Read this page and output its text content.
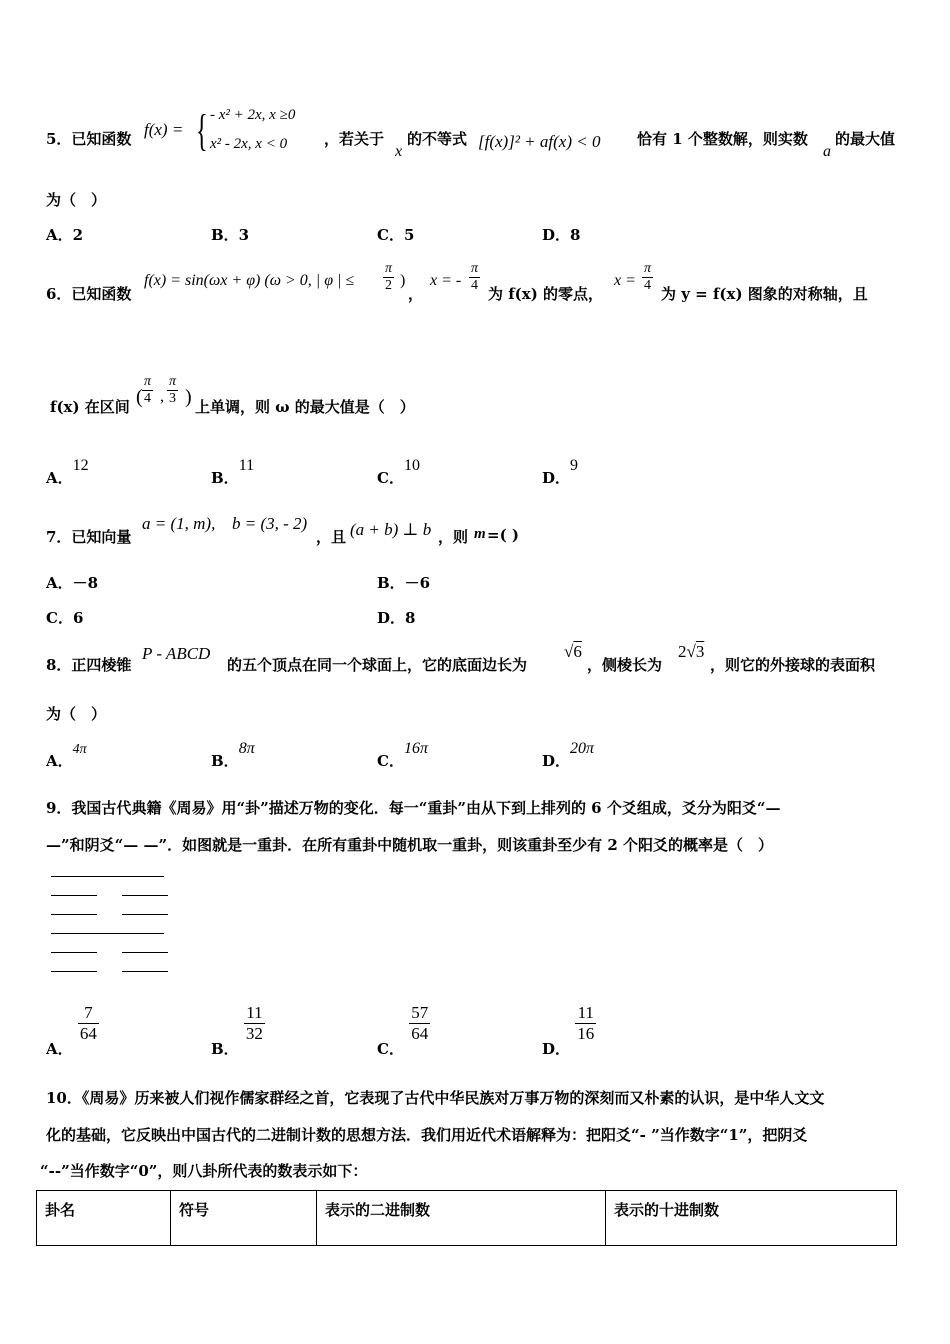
5．已知函数 f(x) = { - x² + 2x, x ≥0
x² - 2x, x < 0 ，若关于
x
的不等式 [f(x)]² + af(x) < 0 恰有 1 个整数解，则实数
a
的最大值
为（　）
A．2	B．3	C．5	D．8
6．已知函数
f(x) = sin(ωx + φ) (ω > 0, | φ | ≤ $\frac{\pi}{2}$ )
，
x = - $\frac{\pi}{4}$ 为 f(x) 的零点，
$x = \frac{\pi}{4}$ 为 y = f(x) 图象的对称轴，且
f(x) 在区间 ( $\frac{\pi}{4}$ , $\frac{\pi}{3}$ ) 上单调，则 ω 的最大值是（　）
A．12
B．11
C．10
D．9
7．已知向量
a = (1, m), b = (3, - 2)
，且 (a + b) ⊥ b ，则 m =( )
A．－8	B．－6
C．6	D．8
8．正四棱锥
P - ABCD
的五个顶点在同一个球面上，它的底面边长为
√6
，侧棱长为
2√3
，则它的外接球的表面积
为（　）
A．4π
B．8π
C．16π
D．20π
9．我国古代典籍《周易》用“卦”描述万物的变化．每一“重卦”由从下到上排列的 6 个爻组成，爻分为阳爻“—
—”和阴爻“— —”．如图就是一重卦．在所有重卦中随机取一重卦，则该重卦至少有 2 个阳爻的概率是（　）
A．
$\frac{7}{64}$
B．
$\frac{11}{32}$
C．
$\frac{57}{64}$
D．
$\frac{11}{16}$
10．《周易》历来被人们视作儒家群经之首，它表现了古代中华民族对万事万物的深刻而又朴素的认识，是中华人文文
化的基础，它反映出中国古代的二进制计数的思想方法．我们用近代术语解释为：把阳爻“- ”当作数字“1”，把阴爻
“--”当作数字“0”，则八卦所代表的数表示如下：
卦名	符号	表示的二进制数	表示的十进制数
